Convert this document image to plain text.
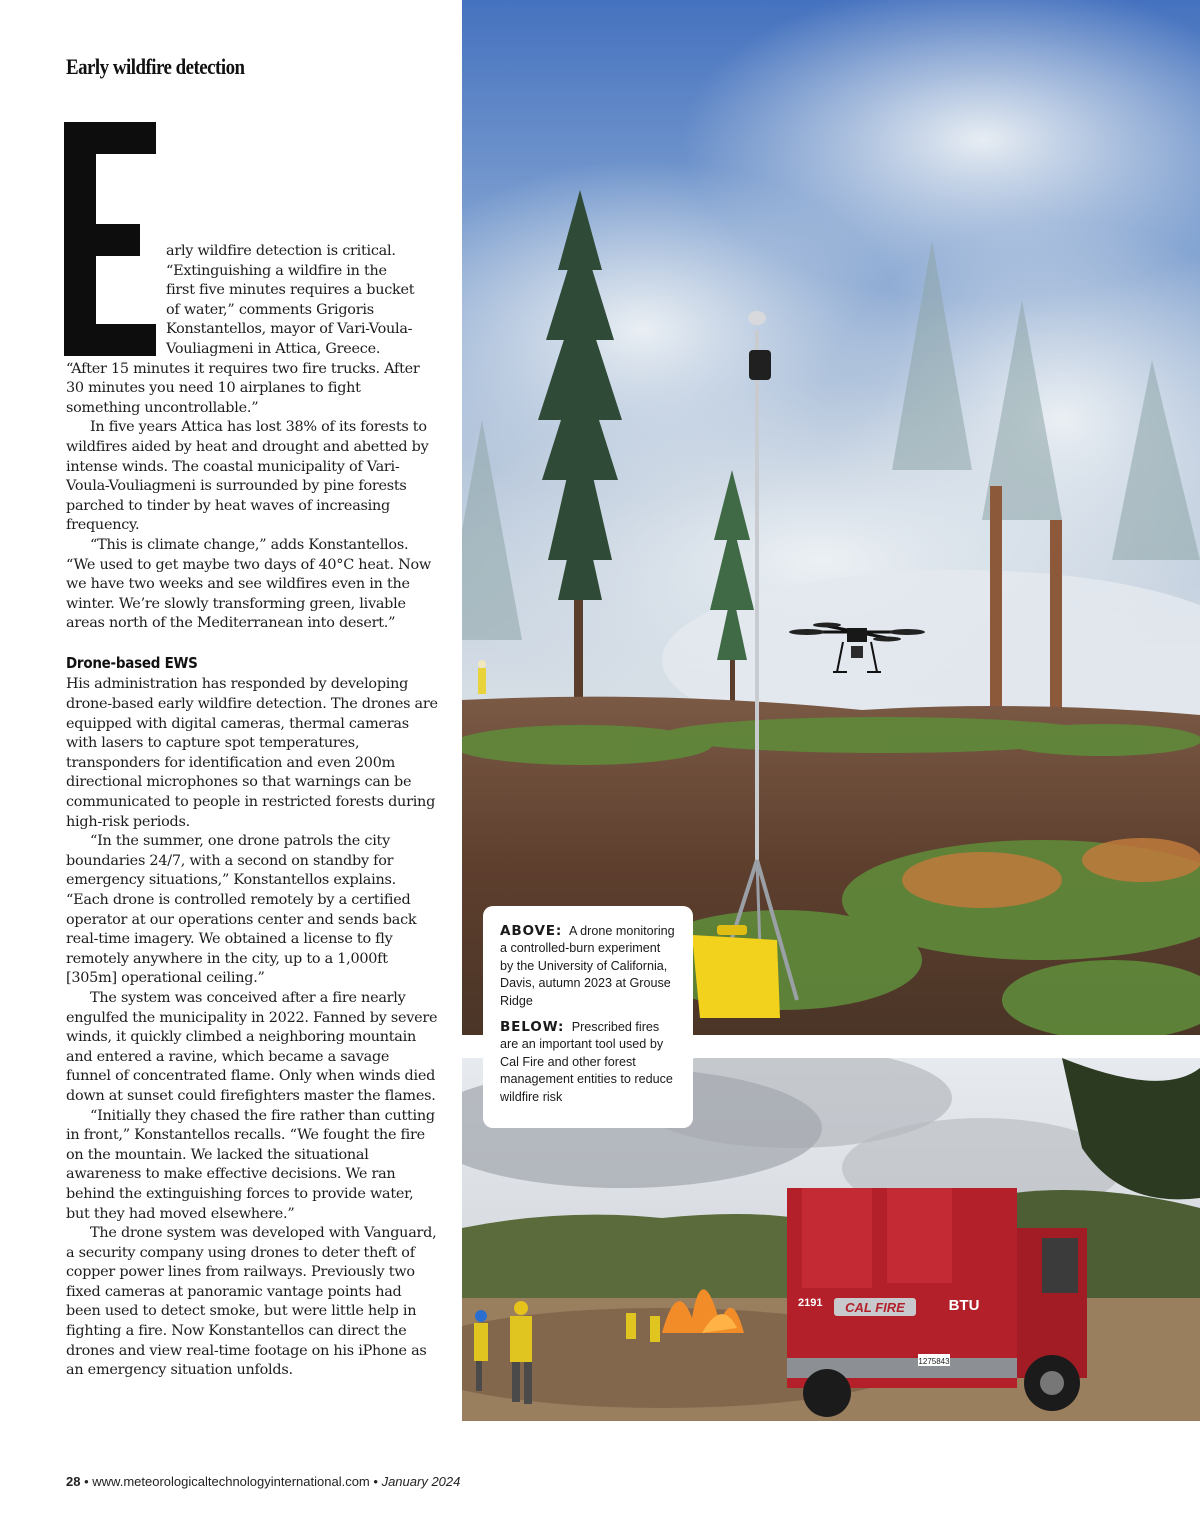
Early wildfire detection
arly wildfire detection is critical.
“Extinguishing a wildfire in the
first five minutes requires a bucket
of water,” comments Grigoris
Konstantellos, mayor of Vari-Voula-
Vouliagmeni in Attica, Greece.

“After 15 minutes it requires two fire trucks. After 30 minutes you need 10 airplanes to fight something uncontrollable.”

In five years Attica has lost 38% of its forests to wildfires aided by heat and drought and abetted by intense winds. The coastal municipality of Vari-Voula-Vouliagmeni is surrounded by pine forests parched to tinder by heat waves of increasing frequency.

“This is climate change,” adds Konstantellos. “We used to get maybe two days of 40°C heat. Now we have two weeks and see wildfires even in the winter. We’re slowly transforming green, livable areas north of the Mediterranean into desert.”

Drone-based EWS

His administration has responded by developing drone-based early wildfire detection. The drones are equipped with digital cameras, thermal cameras with lasers to capture spot temperatures, transponders for identification and even 200m directional microphones so that warnings can be communicated to people in restricted forests during high-risk periods.

“In the summer, one drone patrols the city boundaries 24/7, with a second on standby for emergency situations,” Konstantellos explains. “Each drone is controlled remotely by a certified operator at our operations center and sends back real-time imagery. We obtained a license to fly remotely anywhere in the city, up to a 1,000ft [305m] operational ceiling.”

The system was conceived after a fire nearly engulfed the municipality in 2022. Fanned by severe winds, it quickly climbed a neighboring mountain and entered a ravine, which became a savage funnel of concentrated flame. Only when winds died down at sunset could firefighters master the flames.

“Initially they chased the fire rather than cutting in front,” Konstantellos recalls. “We fought the fire on the mountain. We lacked the situational awareness to make effective decisions. We ran behind the extinguishing forces to provide water, but they had moved elsewhere.”

The drone system was developed with Vanguard, a security company using drones to deter theft of copper power lines from railways. Previously two fixed cameras at panoramic vantage points had been used to detect smoke, but were little help in fighting a fire. Now Konstantellos can direct the drones and view real-time footage on his iPhone as an emergency situation unfolds.

CAL FIRE	BTU
2191
1275843

ABOVE: A drone monitoring a controlled-burn experiment by the University of California, Davis, autumn 2023 at Grouse Ridge

BELOW: Prescribed fires are an important tool used by Cal Fire and other forest management entities to reduce wildfire risk

28 • www.meteorologicaltechnologyinternational.com • January 2024
